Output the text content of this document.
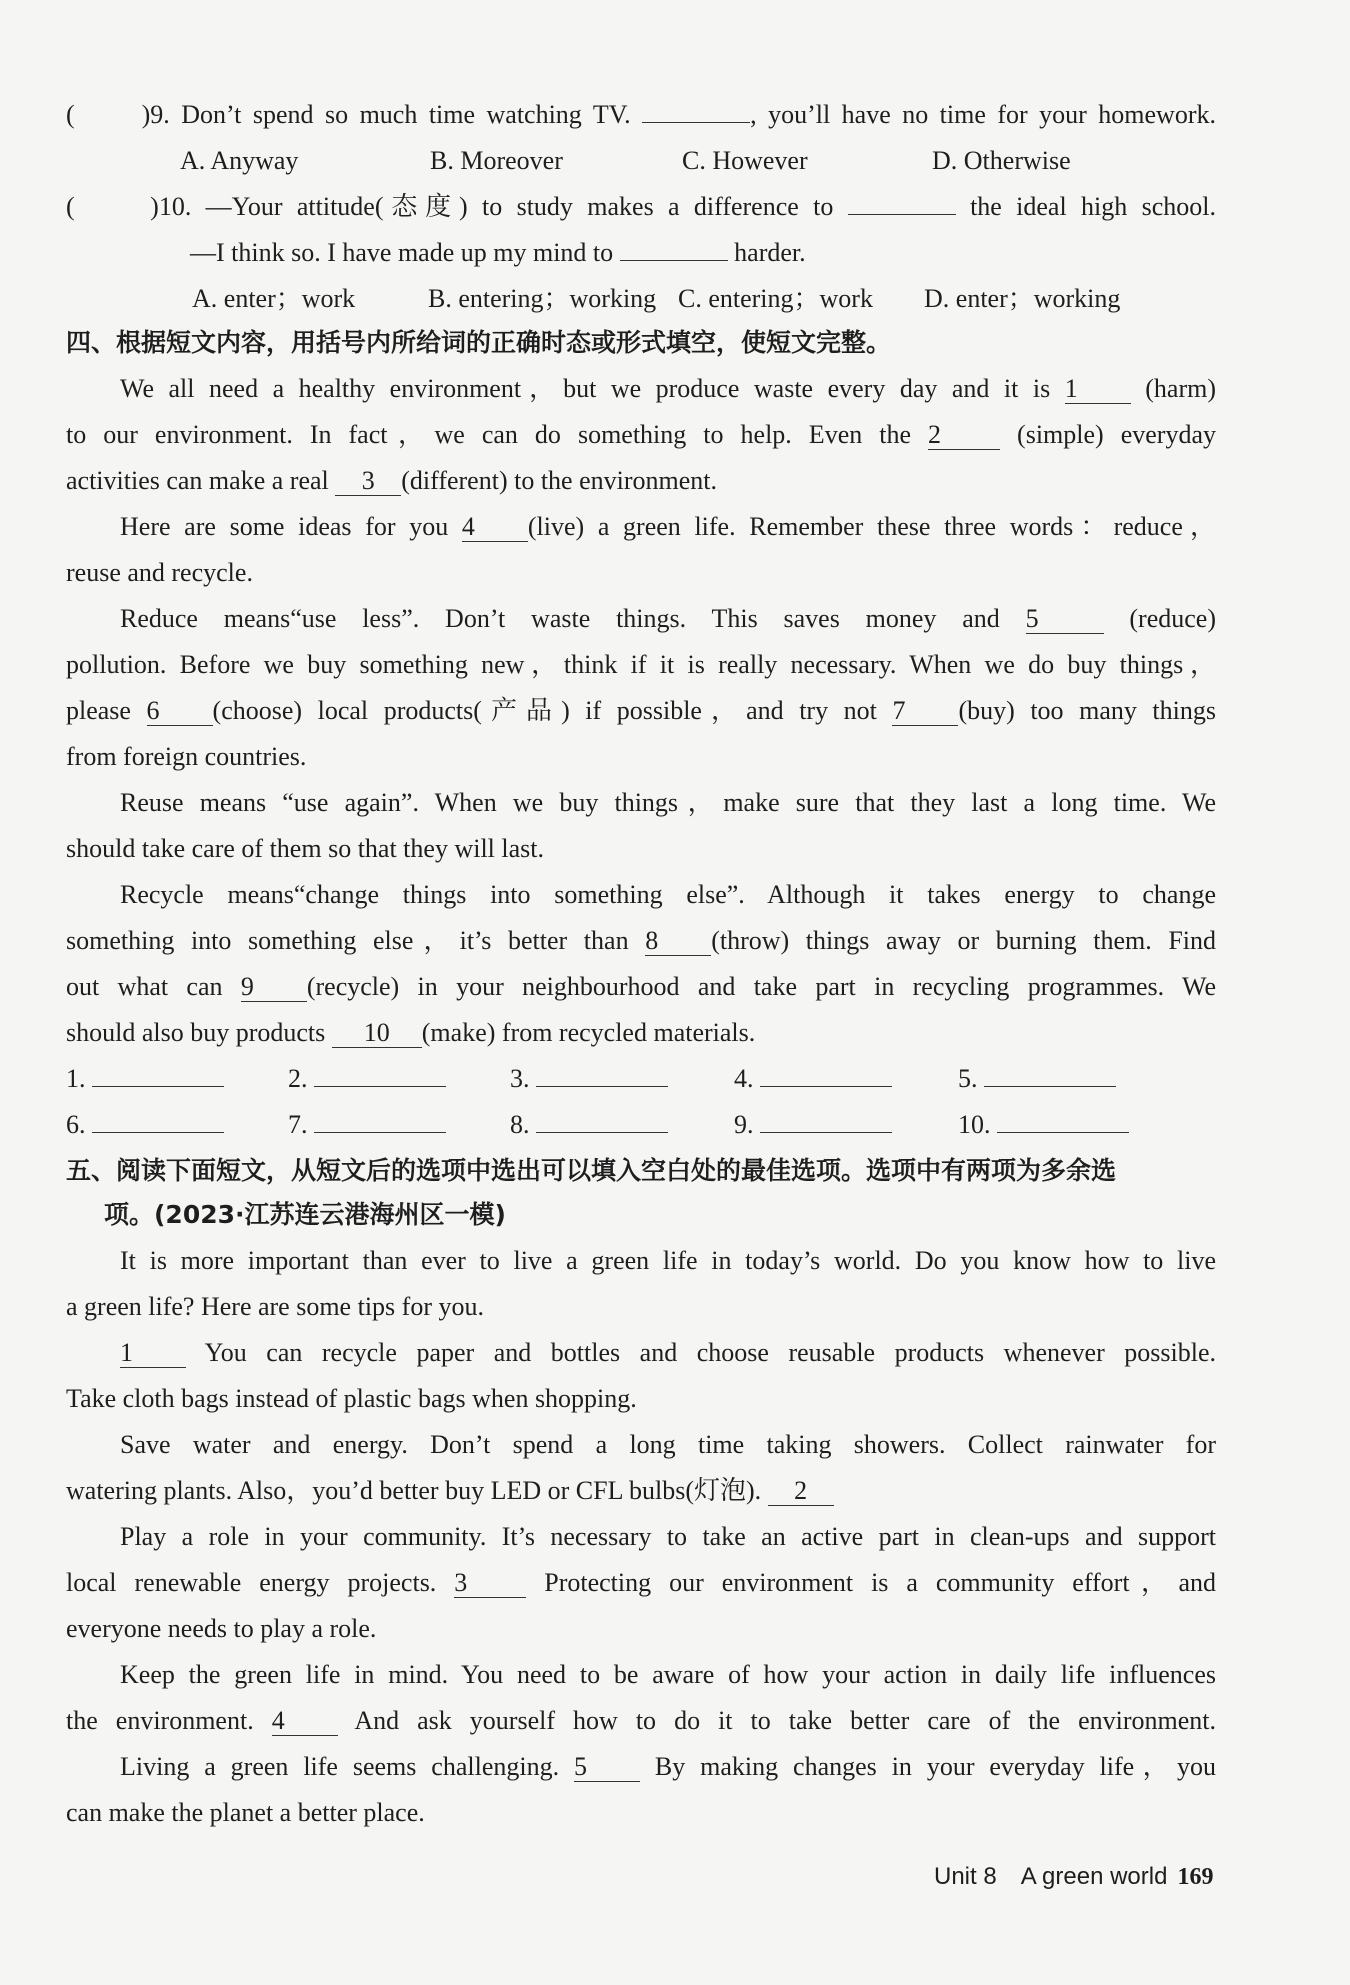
(　　)9. Don’t spend so much time watching TV.	, you’ll have no time for your homework.
A. Anyway	B. Moreover	C. However	D. Otherwise
(　　)10. —Your attitude(态度) to study makes a difference to	the ideal high school.
—I think so. I have made up my mind to	harder.
A. enter；work	B. entering；working C. entering；work	D. enter；working
四、根据短文内容，用括号内所给词的正确时态或形式填空，使短文完整。
We all need a healthy environment，but we produce waste every day and it is 1	(harm)
to our environment. In fact，we can do something to help. Even the 2	(simple) everyday
activities can make a real 3 (different) to the environment.
Here are some ideas for you 4 (live) a green life. Remember these three words：reduce，
reuse and recycle.
Reduce means“use less”. Don’t waste things. This saves money and 5	(reduce)
pollution. Before we buy something new，think if it is really necessary. When we do buy things，
please 6 (choose) local products(产品) if possible，and try not 7 (buy) too many things
from foreign countries.
Reuse means “use again”. When we buy things，make sure that they last a long time. We
should take care of them so that they will last.
Recycle means“change things into something else”. Although it takes energy to change
something into something else，it’s better than 8 (throw) things away or burning them. Find
out what can 9 (recycle) in your neighbourhood and take part in recycling programmes. We
should also buy products 10 (make) from recycled materials.
1.	2.	3.	4.	5.
6.	7.	8.	9.	10.
五、阅读下面短文，从短文后的选项中选出可以填入空白处的最佳选项。选项中有两项为多余选
项。(2023·江苏连云港海州区一模)
It is more important than ever to live a green life in today’s world. Do you know how to live
a green life? Here are some tips for you.
1	You can recycle paper and bottles and choose reusable products whenever possible.
Take cloth bags instead of plastic bags when shopping.
Save water and energy. Don’t spend a long time taking showers. Collect rainwater for
watering plants. Also，you’d better buy LED or CFL bulbs(灯泡). 2
Play a role in your community. It’s necessary to take an active part in clean-ups and support
local renewable energy projects. 3	Protecting our environment is a community effort，and
everyone needs to play a role.
Keep the green life in mind. You need to be aware of how your action in daily life influences
the environment. 4	And ask yourself how to do it to take better care of the environment.
Living a green life seems challenging. 5	By making changes in your everyday life，you
can make the planet a better place.
Unit 8　A green world 169
